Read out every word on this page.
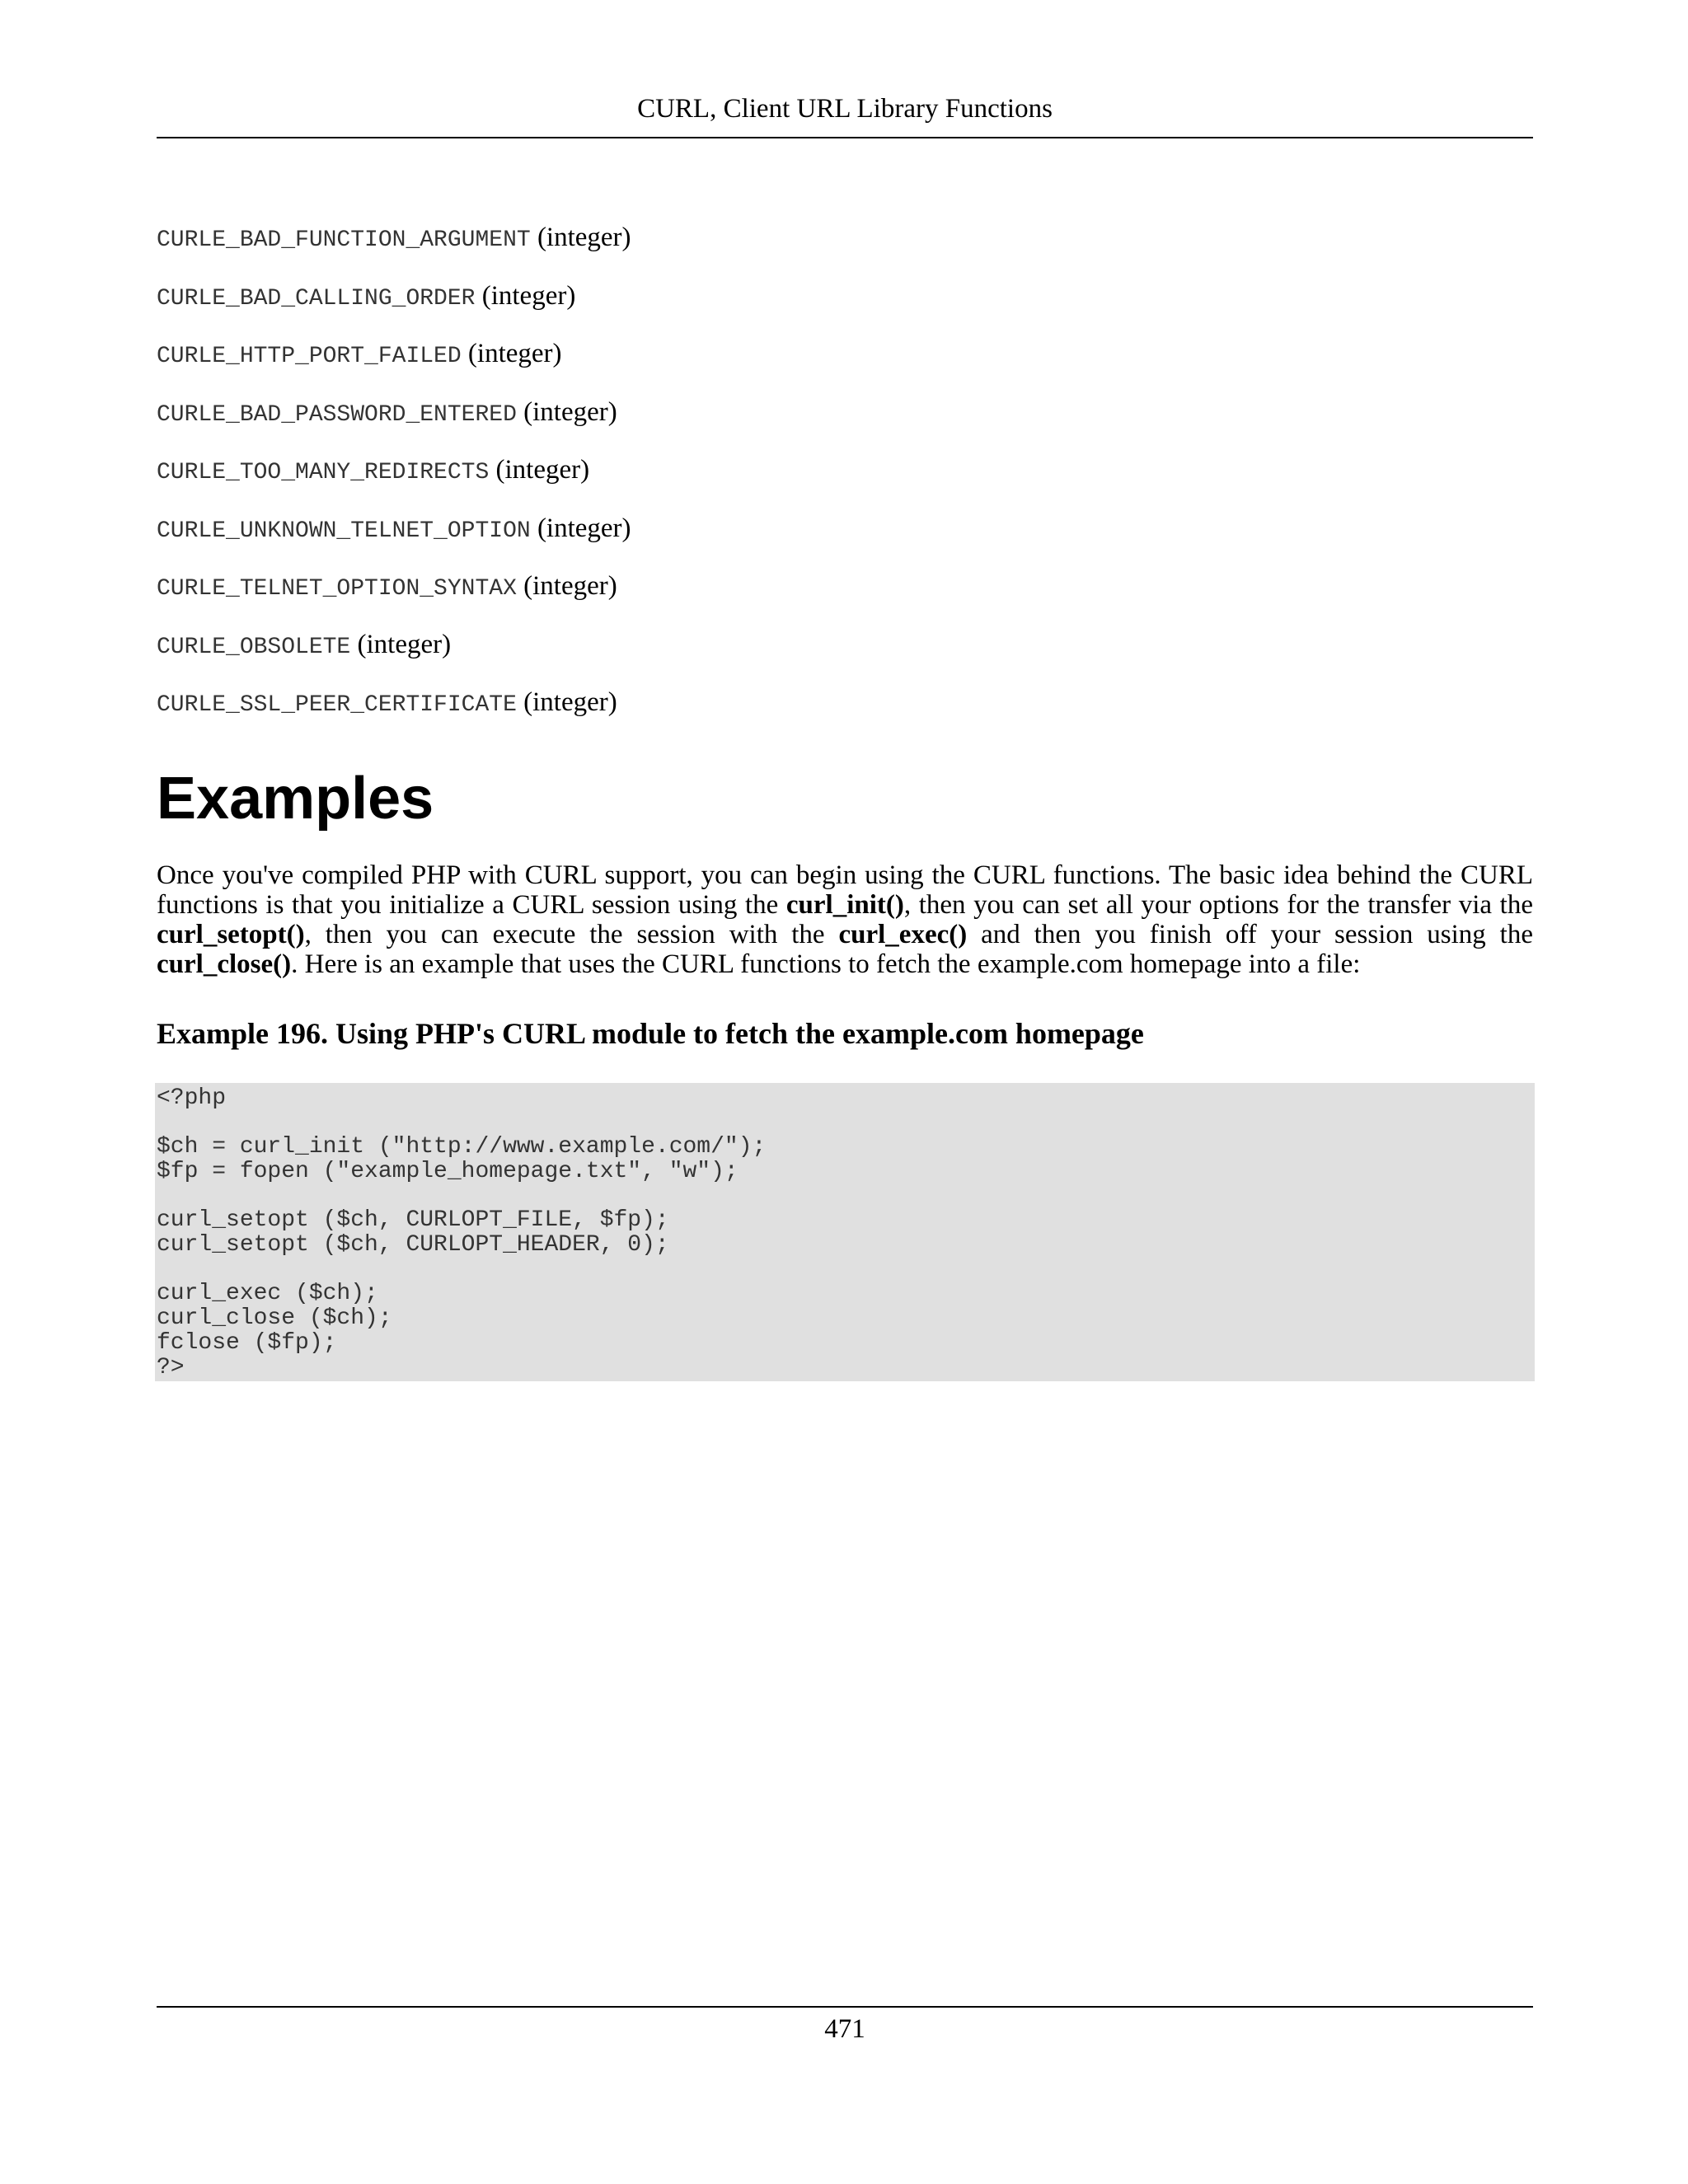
CURL, Client URL Library Functions
CURLE_BAD_FUNCTION_ARGUMENT (integer)
CURLE_BAD_CALLING_ORDER (integer)
CURLE_HTTP_PORT_FAILED (integer)
CURLE_BAD_PASSWORD_ENTERED (integer)
CURLE_TOO_MANY_REDIRECTS (integer)
CURLE_UNKNOWN_TELNET_OPTION (integer)
CURLE_TELNET_OPTION_SYNTAX (integer)
CURLE_OBSOLETE (integer)
CURLE_SSL_PEER_CERTIFICATE (integer)
Examples

Once you've compiled PHP with CURL support, you can begin using the CURL functions. The basic idea behind the CURL functions is that you initialize a CURL session using the curl_init(), then you can set all your options for the transfer via the curl_setopt(), then you can execute the session with the curl_exec() and then you finish off your session using the curl_close(). Here is an example that uses the CURL functions to fetch the example.com homepage into a file:

Example 196. Using PHP's CURL module to fetch the example.com homepage
<?php
$ch = curl_init ("http://www.example.com/");
$fp = fopen ("example_homepage.txt", "w");
curl_setopt ($ch, CURLOPT_FILE, $fp);
curl_setopt ($ch, CURLOPT_HEADER, 0);
curl_exec ($ch);
curl_close ($ch);
fclose ($fp);
?>
471
